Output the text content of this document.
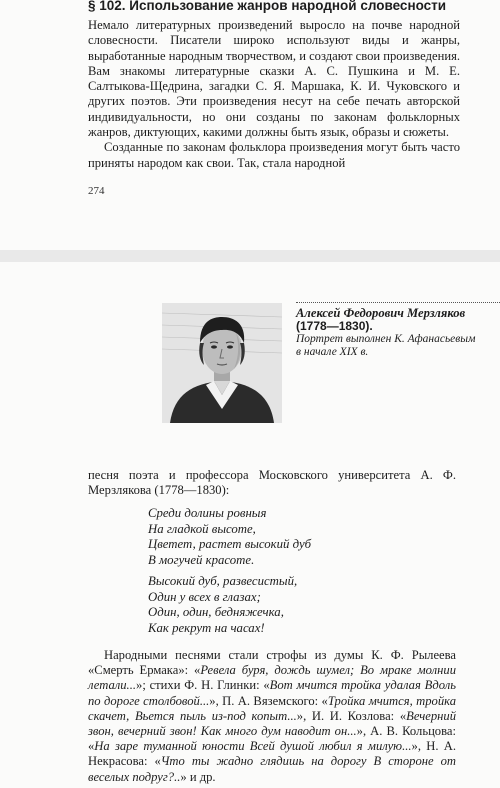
§ 102. Использование жанров народной словесности

Немало литературных произведений выросло на почве народной словесности. Писатели широко используют виды и жанры, выработанные народным творчеством, и создают свои произведения. Вам знакомы литературные сказки А. С. Пушкина и М. Е. Салтыкова-Щедрина, загадки С. Я. Маршака, К. И. Чуковского и других поэтов. Эти произведения несут на себе печать авторской индивидуальности, но они созданы по законам фольклорных жанров, диктующих, какими должны быть язык, образы и сюжеты.

Созданные по законам фольклора произведения могут быть часто приняты народом как свои. Так, стала народной

274
Алексей Федорович Мерзляков
(1778—1830).
Портрет выполнен К. Афанасьевым
в начале XIX в.

песня поэта и профессора Московского университета А. Ф. Мерзлякова (1778—1830):

Среди долины ровныя
На гладкой высоте,
Цветет, растет высокий дуб
В могучей красоте.
Высокий дуб, развесистый,
Один у всех в глазах;
Один, один, бедняжечка,
Как рекрут на часах!

Народными песнями стали строфы из думы К. Ф. Рылеева «Смерть Ермака»: «Ревела буря, дождь шумел; Во мраке молнии летали...»; стихи Ф. Н. Глинки: «Вот мчится тройка удалая Вдоль по дороге столбовой...», П. А. Вяземского: «Тройка мчится, тройка скачет, Вьется пыль из-под копыт...», И. И. Козлова: «Вечерний звон, вечерний звон! Как много дум наводит он...», А. В. Кольцова: «На заре туманной юности Всей душой любил я милую...», Н. А. Некрасова: «Что ты жадно глядишь на дорогу В стороне от веселых подруг?..» и др.
